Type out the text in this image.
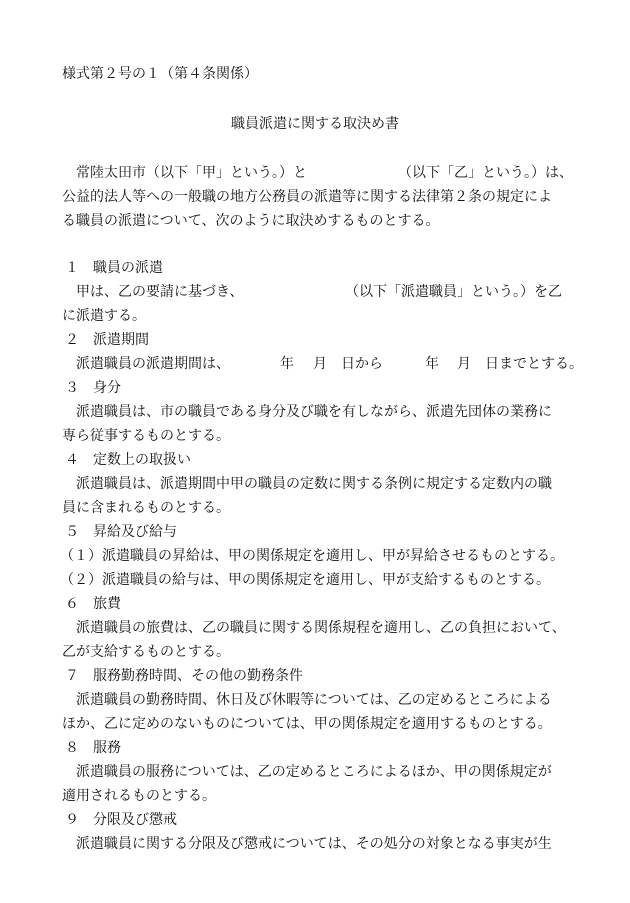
様式第２号の１（第４条関係）
職員派遣に関する取決め書
常陸太田市（以下「甲」という。）と	（以下「乙」という。）は、
公益的法人等への一般職の地方公務員の派遣等に関する法律第２条の規定によ
る職員の派遣について、次のように取決めするものとする。
１　職員の派遣
甲は、乙の要請に基づき、	（以下「派遣職員」という。）を乙
に派遣する。
２　派遣期間
派遣職員の派遣期間は、	年 月 日から	年 月 日までとする。
３　身分
派遣職員は、市の職員である身分及び職を有しながら、派遣先団体の業務に
専ら従事するものとする。
４　定数上の取扱い
派遣職員は、派遣期間中甲の職員の定数に関する条例に規定する定数内の職
員に含まれるものとする。
５　昇給及び給与
（１）派遣職員の昇給は、甲の関係規定を適用し、甲が昇給させるものとする。
（２）派遣職員の給与は、甲の関係規定を適用し、甲が支給するものとする。
６　旅費
派遣職員の旅費は、乙の職員に関する関係規程を適用し、乙の負担において、
乙が支給するものとする。
７　服務勤務時間、その他の勤務条件
派遣職員の勤務時間、休日及び休暇等については、乙の定めるところによる
ほか、乙に定めのないものについては、甲の関係規定を適用するものとする。
８　服務
派遣職員の服務については、乙の定めるところによるほか、甲の関係規定が
適用されるものとする。
９　分限及び懲戒
派遣職員に関する分限及び懲戒については、その処分の対象となる事実が生
